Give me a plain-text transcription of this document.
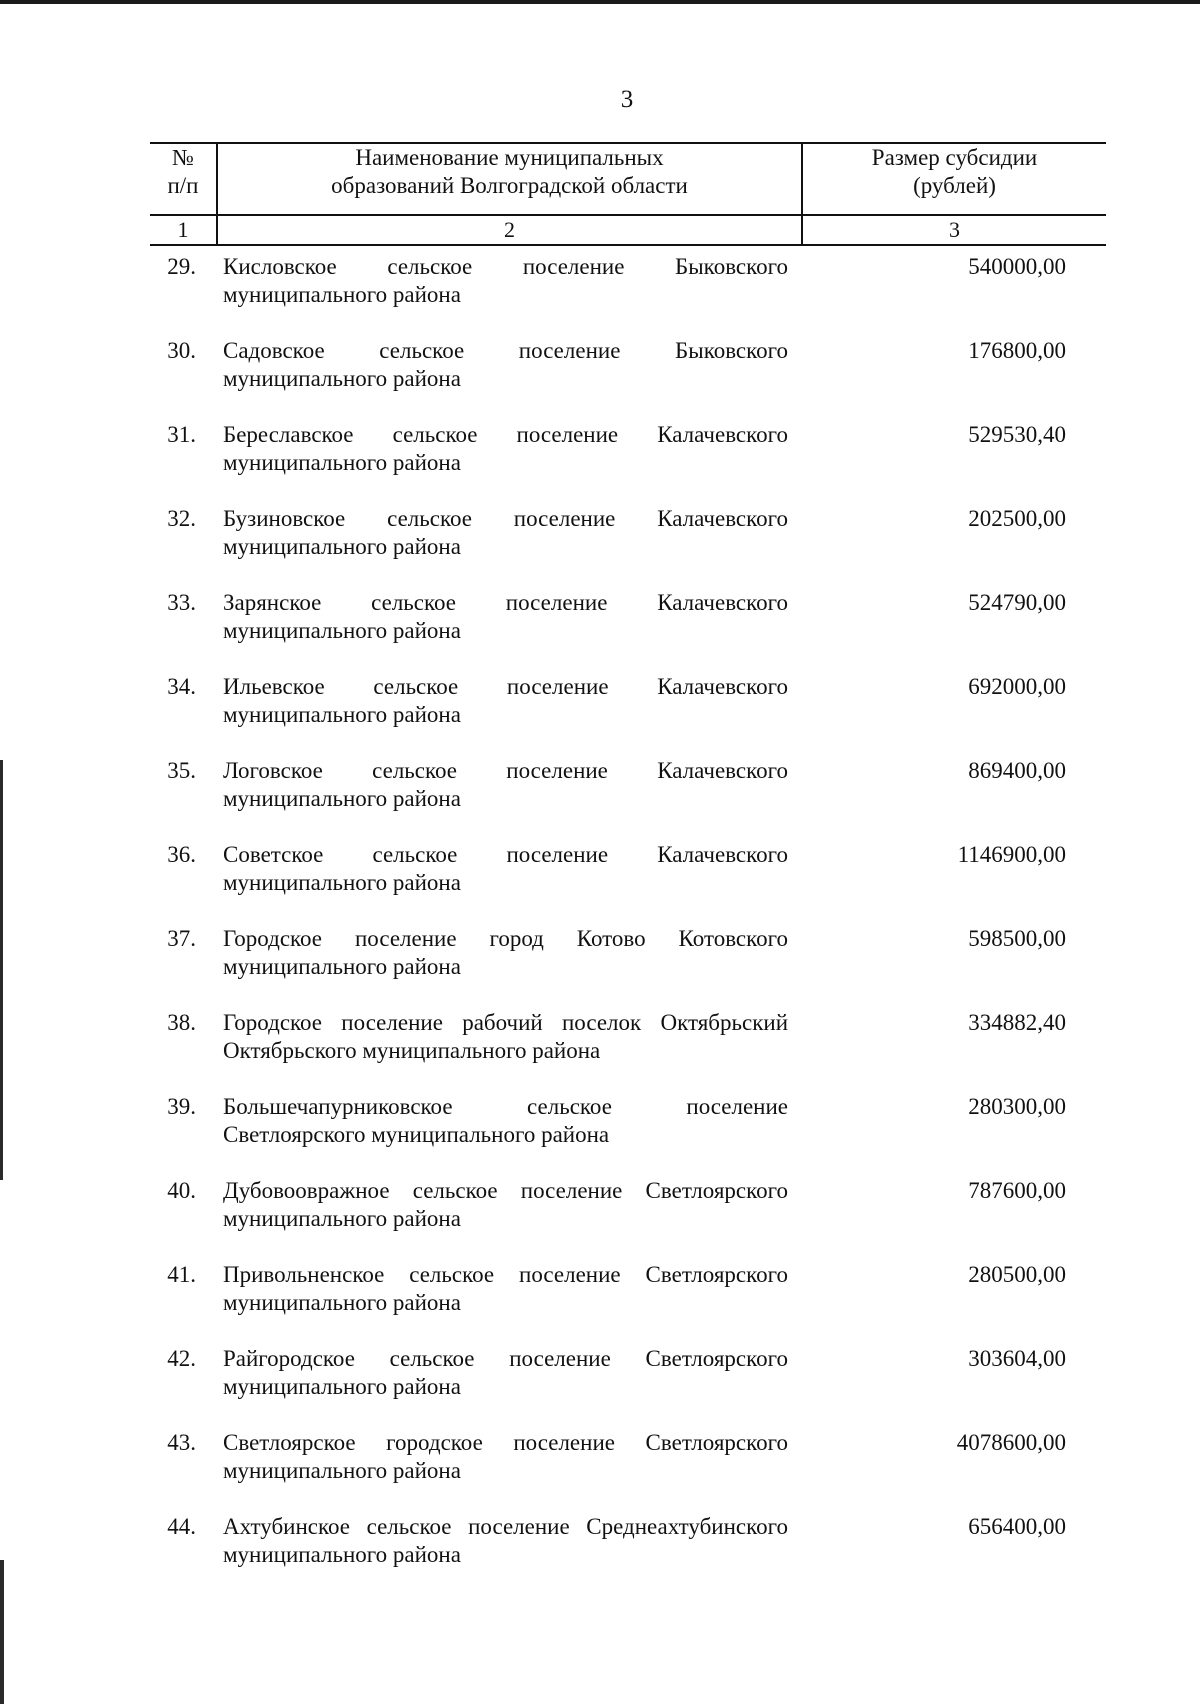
3
№
п/п
Наименование муниципальных
образований Волгоградской области
Размер субсидии
(рублей)
1	2	3
29. Кисловское сельское поселение Быковского
муниципального района
540000,00
30. Садовское сельское поселение Быковского
муниципального района
176800,00
31. Береславское сельское поселение Калачевского
муниципального района
529530,40
32. Бузиновское сельское поселение Калачевского
муниципального района
202500,00
33. Зарянское сельское поселение Калачевского
муниципального района
524790,00
34. Ильевское сельское поселение Калачевского
муниципального района
692000,00
35. Логовское сельское поселение Калачевского
муниципального района
869400,00
36. Советское сельское поселение Калачевского
муниципального района
1146900,00
37. Городское поселение город Котово Котовского
муниципального района
598500,00
38. Городское поселение рабочий поселок Октябрьский
Октябрьского муниципального района
334882,40
39. Большечапурниковское сельское поселение
Светлоярского муниципального района
280300,00
40. Дубовоовражное сельское поселение Светлоярского
муниципального района
787600,00
41. Привольненское сельское поселение Светлоярского
муниципального района
280500,00
42. Райгородское сельское поселение Светлоярского
муниципального района
303604,00
43. Светлоярское городское поселение Светлоярского
муниципального района
4078600,00
44. Ахтубинское сельское поселение Среднеахтубинского
муниципального района
656400,00
